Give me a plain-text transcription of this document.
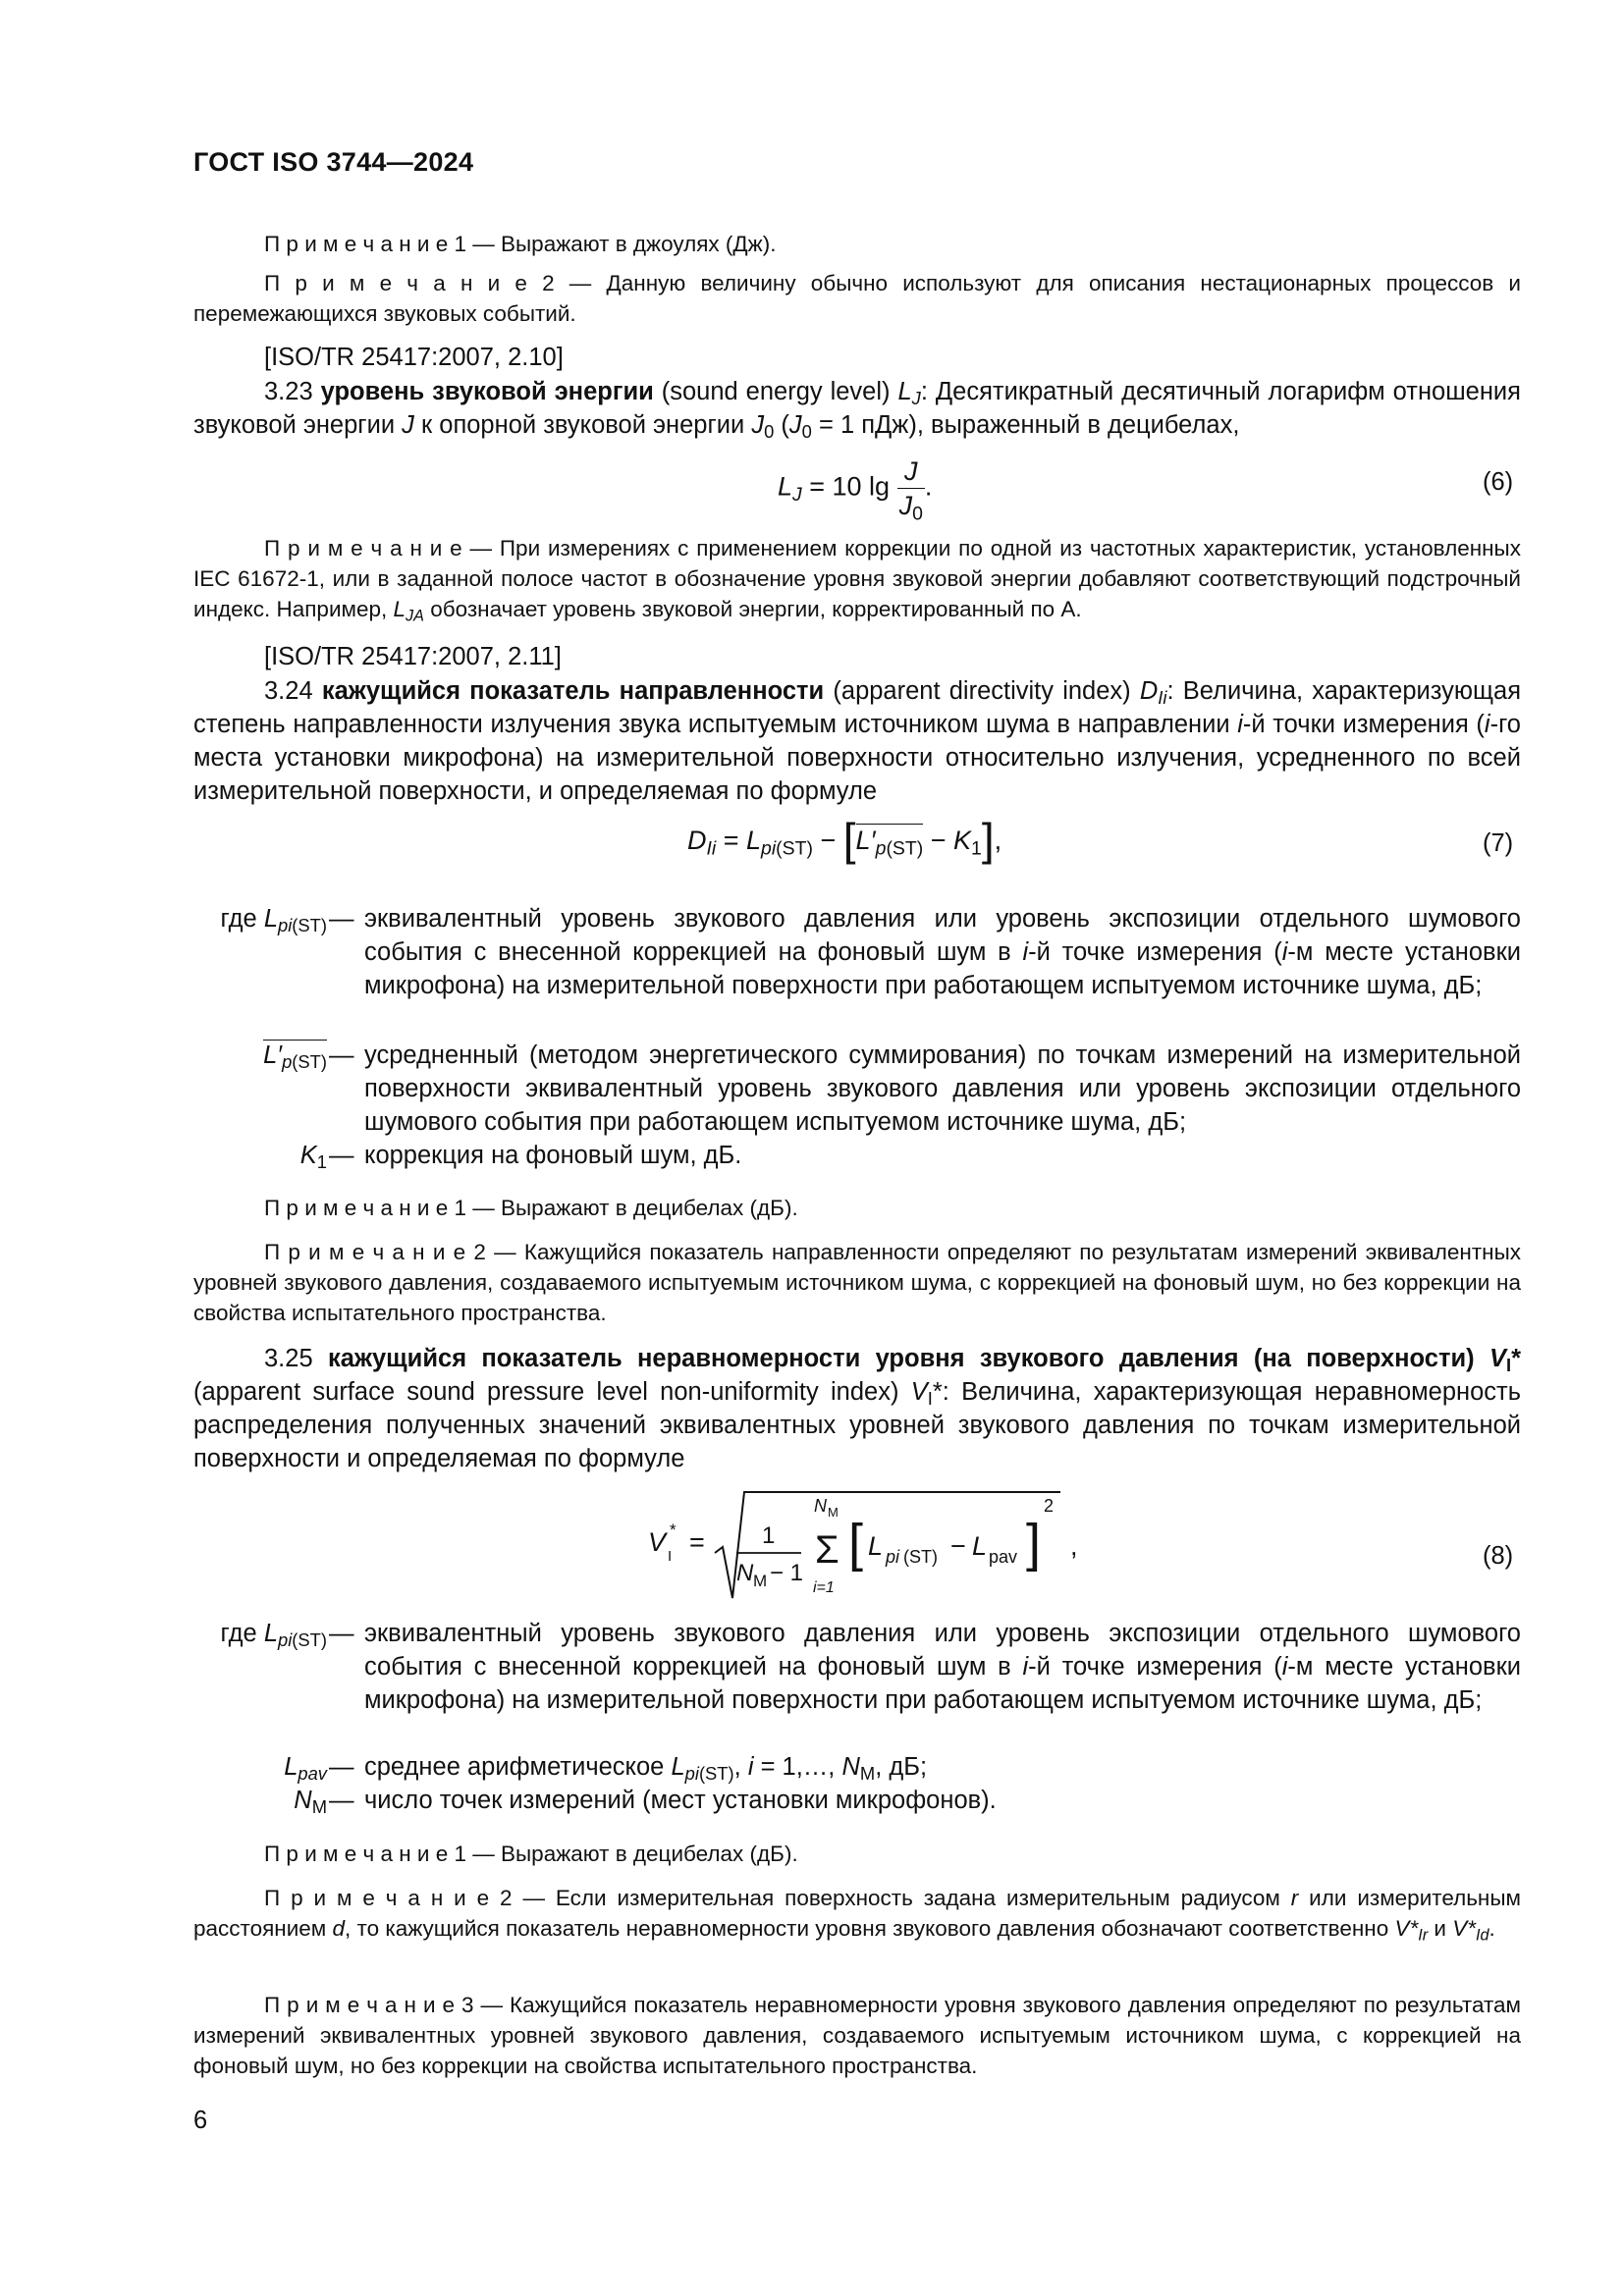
ГОСТ ISO 3744—2024
П р и м е ч а н и е 1 — Выражают в джоулях (Дж).
П р и м е ч а н и е 2 — Данную величину обычно используют для описания нестационарных процессов и перемежающихся звуковых событий.
[ISO/TR 25417:2007, 2.10]
3.23 уровень звуковой энергии (sound energy level) $L_J$: Десятикратный десятичный логарифм отношения звуковой энергии J к опорной звуковой энергии $J_0$ ($J_0 = 1$ пДж), выраженный в децибелах,
$L_J = 10$ $\lg \frac{J}{J_0}$ .	(6)
П р и м е ч а н и е — При измерениях с применением коррекции по одной из частотных характеристик, установленных IEC 61672-1, или в заданной полосе частот в обозначение уровня звуковой энергии добавляют соответствующий подстрочный индекс. Например, $L_{JA}$ обозначает уровень звуковой энергии, корректированный по А.
[ISO/TR 25417:2007, 2.11]
3.24 кажущийся показатель направленности (apparent directivity index) $D_{Ii}$: Величина, характеризующая степень направленности излучения звука испытуемым источником шума в направлении i-й точки измерения (i-го места установки микрофона) на измерительной поверхности относительно излучения, усредненного по всей измерительной поверхности, и определяемая по формуле
$D_{Ii} = L_{pi(ST)} - [L'_{p(ST)} - K_1]$,	(7)
где $L_{pi(ST)}$ — эквивалентный уровень звукового давления или уровень экспозиции отдельного шумового события с внесенной коррекцией на фоновый шум в i-й точке измерения (i-м месте установки микрофона) на измерительной поверхности при работающем испытуемом источнике шума, дБ;
$L'_{p(ST)}$ — усредненный (методом энергетического суммирования) по точкам измерений на измерительной поверхности эквивалентный уровень звукового давления или уровень экспозиции отдельного шумового события при работающем испытуемом источнике шума, дБ;
$K_1$ — коррекция на фоновый шум, дБ.
П р и м е ч а н и е 1 — Выражают в децибелах (дБ).
П р и м е ч а н и е 2 — Кажущийся показатель направленности определяют по результатам измерений эквивалентных уровней звукового давления, создаваемого испытуемым источником шума, с коррекцией на фоновый шум, но без коррекции на свойства испытательного пространства.
3.25 кажущийся показатель неравномерности уровня звукового давления (на поверхности) $V_I*$ (apparent surface sound pressure level non-uniformity index) $V_I*$: Величина, характеризующая неравномерность распределения полученных значений эквивалентных уровней звукового давления по точкам измерительной поверхности и определяемая по формуле
V *
I = 1
N M − 1
N M
Σ
i=1
[ L pi (ST) − L pav ]
2
,	(8)
где $L_{pi(ST)}$ — эквивалентный уровень звукового давления или уровень экспозиции отдельного шумового события с внесенной коррекцией на фоновый шум в i-й точке измерения (i-м месте установки микрофона) на измерительной поверхности при работающем испытуемом источнике шума, дБ;
$L_{pav}$ — среднее арифметическое $L_{pi(ST)}$, i = 1,…, $N_M$, дБ;
$N_M$ — число точек измерений (мест установки микрофонов).
П р и м е ч а н и е 1 — Выражают в децибелах (дБ).
П р и м е ч а н и е 2 — Если измерительная поверхность задана измерительным радиусом r или измерительным расстоянием d, то кажущийся показатель неравномерности уровня звукового давления обозначают соответственно $V*_{Ir}$ и $V*_{Id}$.
П р и м е ч а н и е 3 — Кажущийся показатель неравномерности уровня звукового давления определяют по результатам измерений эквивалентных уровней звукового давления, создаваемого испытуемым источником шума, с коррекцией на фоновый шум, но без коррекции на свойства испытательного пространства.
6
